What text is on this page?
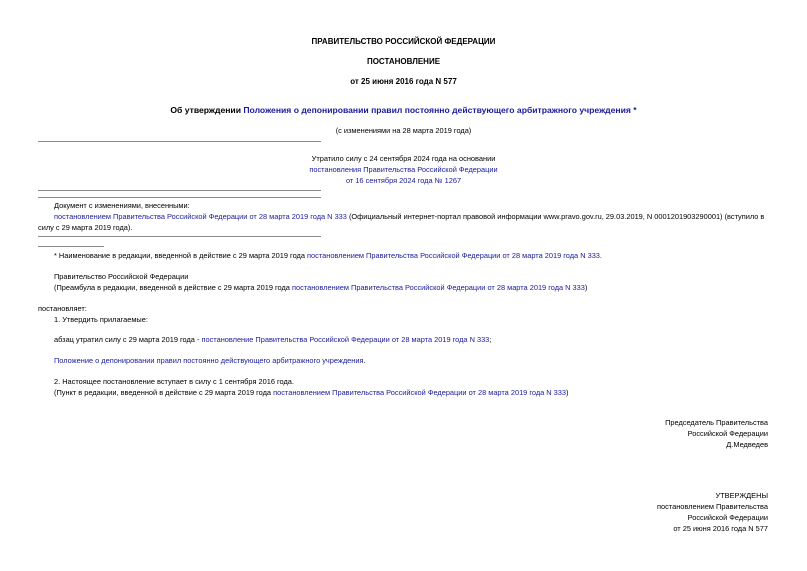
ПРАВИТЕЛЬСТВО РОССИЙСКОЙ ФЕДЕРАЦИИ
ПОСТАНОВЛЕНИЕ
от 25 июня 2016 года N 577
Об утверждении Положения о депонировании правил постоянно действующего арбитражного учреждения *
(с изменениями на 28 марта 2019 года)
Утратило силу с 24 сентября 2024 года на основании
постановления Правительства Российской Федерации
от 16 сентября 2024 года № 1267
Документ с изменениями, внесенными:
постановлением Правительства Российской Федерации от 28 марта 2019 года N 333 (Официальный интернет-портал правовой информации www.pravo.gov.ru, 29.03.2019, N 0001201903290001) (вступило в силу с 29 марта 2019 года).
* Наименование в редакции, введенной в действие с 29 марта 2019 года постановлением Правительства Российской Федерации от 28 марта 2019 года N 333.
Правительство Российской Федерации
(Преамбула в редакции, введенной в действие с 29 марта 2019 года постановлением Правительства Российской Федерации от 28 марта 2019 года N 333)
постановляет:
1. Утвердить прилагаемые:
абзац утратил силу с 29 марта 2019 года - постановление Правительства Российской Федерации от 28 марта 2019 года N 333;
Положение о депонировании правил постоянно действующего арбитражного учреждения.
2. Настоящее постановление вступает в силу с 1 сентября 2016 года.
(Пункт в редакции, введенной в действие с 29 марта 2019 года постановлением Правительства Российской Федерации от 28 марта 2019 года N 333)
Председатель Правительства
Российской Федерации
Д.Медведев
УТВЕРЖДЕНЫ
постановлением Правительства
Российской Федерации
от 25 июня 2016 года N 577
